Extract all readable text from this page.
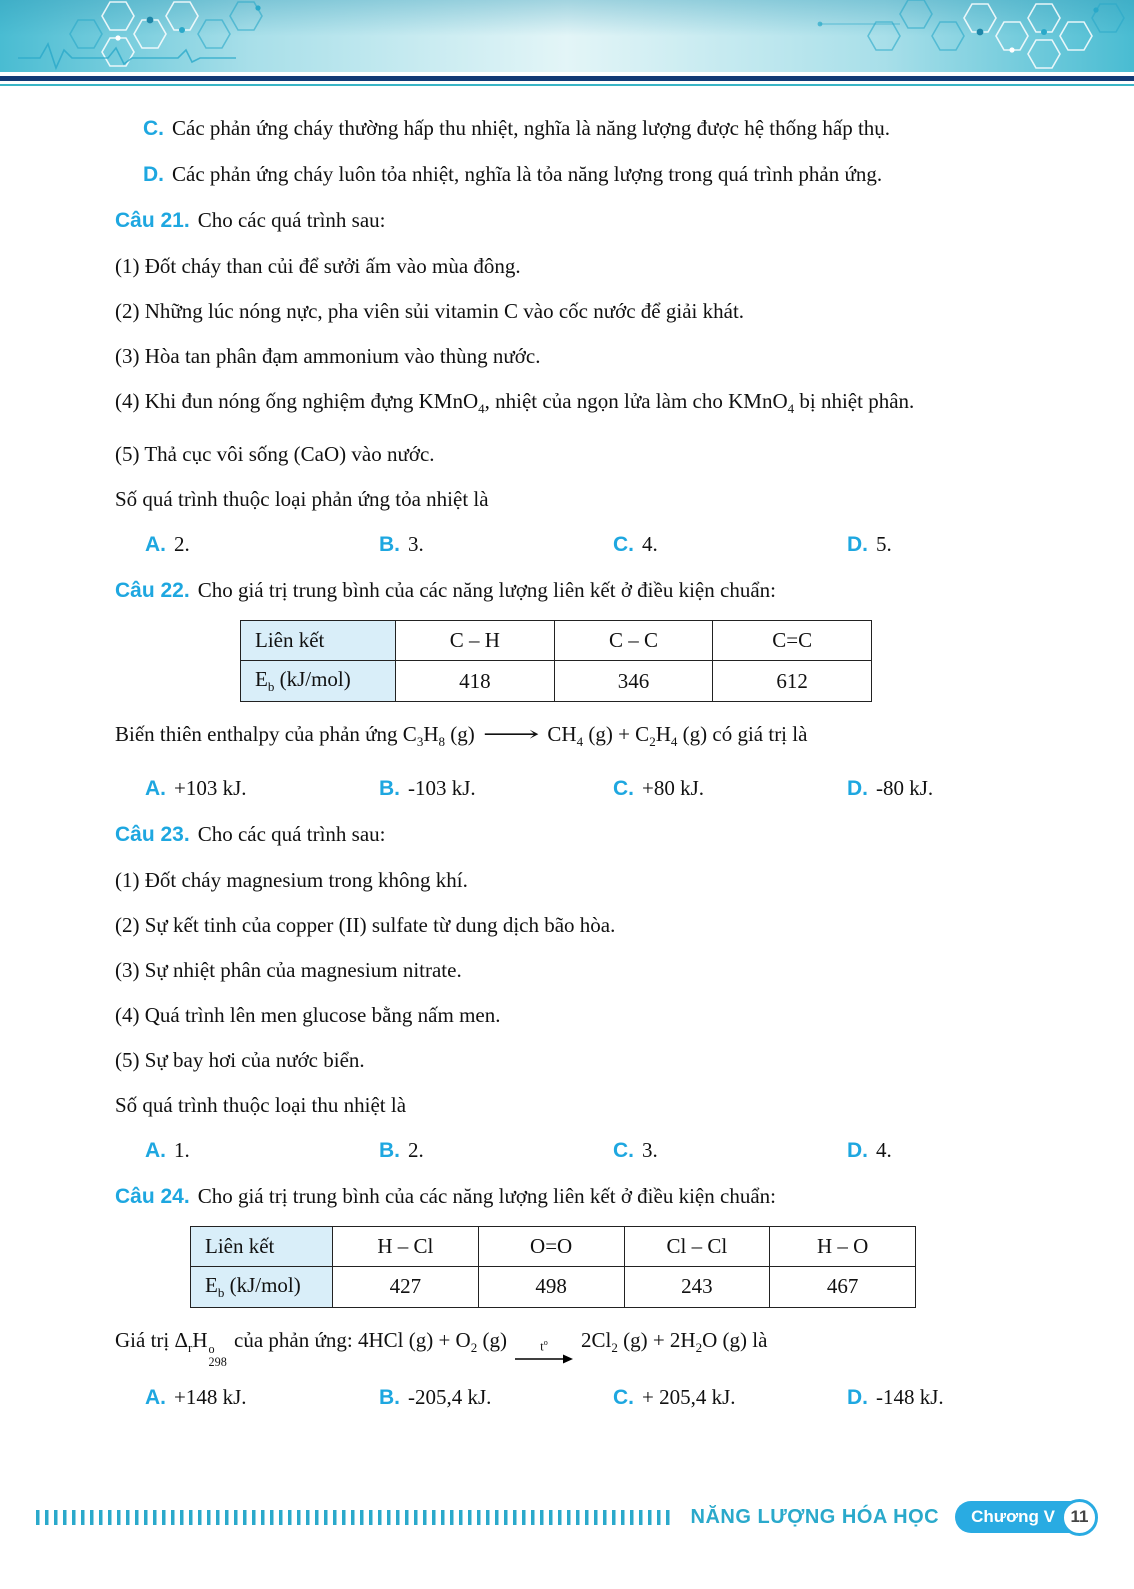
C. Các phản ứng cháy thường hấp thu nhiệt, nghĩa là năng lượng được hệ thống hấp thụ.

D. Các phản ứng cháy luôn tỏa nhiệt, nghĩa là tỏa năng lượng trong quá trình phản ứng.

Câu 21. Cho các quá trình sau:

(1) Đốt cháy than củi để sưởi ấm vào mùa đông.

(2) Những lúc nóng nực, pha viên sủi vitamin C vào cốc nước để giải khát.

(3) Hòa tan phân đạm ammonium vào thùng nước.

(4) Khi đun nóng ống nghiệm đựng KMnO$_4$, nhiệt của ngọn lửa làm cho KMnO$_4$ bị nhiệt phân.

(5) Thả cục vôi sống (CaO) vào nước.

Số quá trình thuộc loại phản ứng tỏa nhiệt là

A. 2.	B. 3.	C. 4.	D. 5.

Câu 22. Cho giá trị trung bình của các năng lượng liên kết ở điều kiện chuẩn:

Liên kết	C – H	C – C	C=C
$E_b$ (kJ/mol)	418	346	612

Biến thiên enthalpy của phản ứng $C_3H_8$ (g) ⟶ $CH_4$ $(g) + C_2H_4$ (g) có giá trị là

A. +103 kJ.	B. -103 kJ.	C. +80 kJ.	D. -80 kJ.

Câu 23. Cho các quá trình sau:

(1) Đốt cháy magnesium trong không khí.

(2) Sự kết tinh của copper (II) sulfate từ dung dịch bão hòa.

(3) Sự nhiệt phân của magnesium nitrate.

(4) Quá trình lên men glucose bằng nấm men.

(5) Sự bay hơi của nước biển.

Số quá trình thuộc loại thu nhiệt là

A. 1.	B. 2.	C. 3.	D. 4.

Câu 24. Cho giá trị trung bình của các năng lượng liên kết ở điều kiện chuẩn:

Liên kết	H – Cl	O=O	Cl – Cl	H – O
$E_b$ (kJ/mol)	427	498	243	467

Giá trị $\Delta_rH$ o
298
của phản ứng: 4HCl $(g) + O_2$ (g)	$t^o$ $2Cl_2$ $(g) + 2H_2O$ (g) là

A. +148 kJ.	B. -205,4 kJ.	C. + 205,4 kJ.	D. -148 kJ.
NĂNG LƯỢNG HÓA HỌC	Chương V 11
